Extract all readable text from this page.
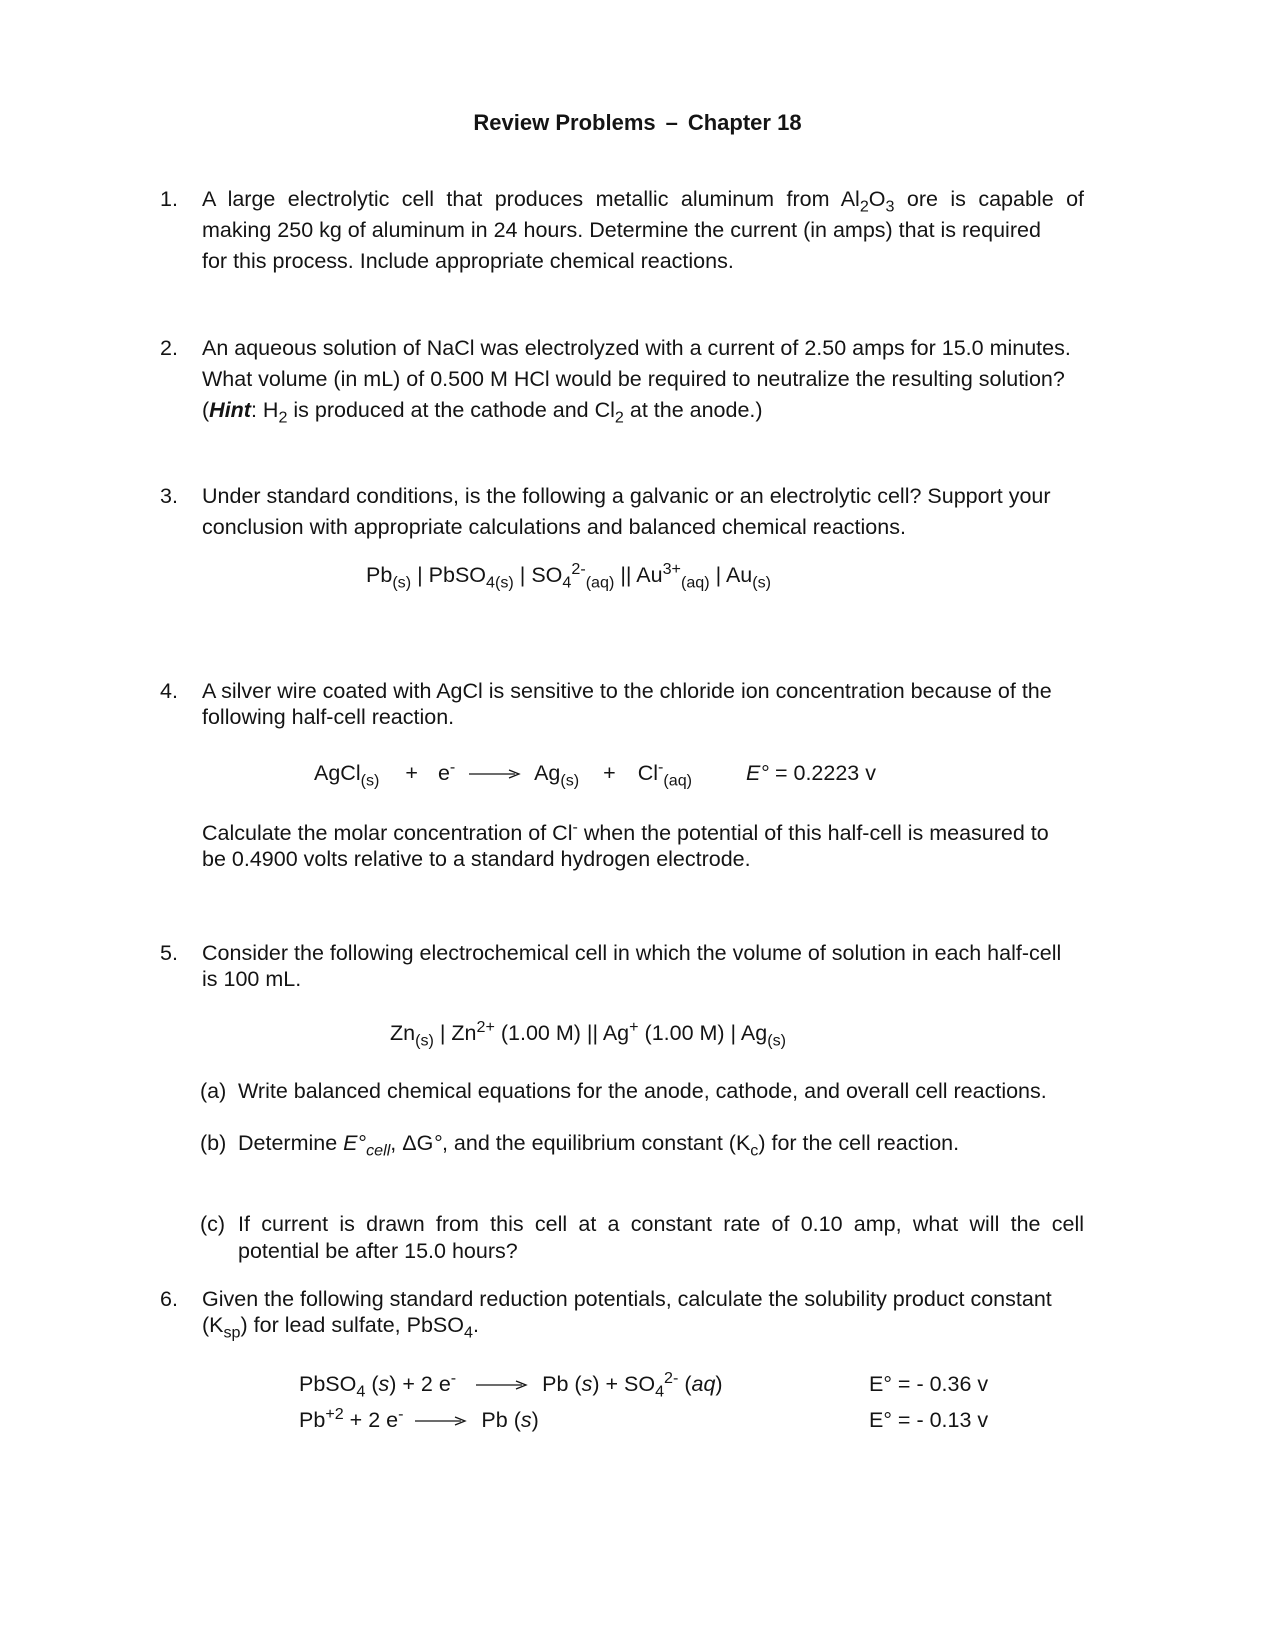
Review Problems – Chapter 18
1. A large electrolytic cell that produces metallic aluminum from $Al_2O_3$ ore is capable of
making 250 kg of aluminum in 24 hours. Determine the current (in amps) that is required
for this process. Include appropriate chemical reactions.
2. An aqueous solution of NaCl was electrolyzed with a current of 2.50 amps for 15.0 minutes.
What volume (in mL) of 0.500 M HCl would be required to neutralize the resulting solution?
(Hint: $H_2$ is produced at the cathode and $Cl_2$ at the anode.)
3. Under standard conditions, is the following a galvanic or an electrolytic cell? Support your
conclusion with appropriate calculations and balanced chemical reactions.
$Pb_{(s)}$ | PbSO$_{4(s)}$ | $SO_4^{2-}_{(aq)}$ || $Au^{3+}_{(aq)}$ | $Au_{(s)}$
4. A silver wire coated with AgCl is sensitive to the chloride ion concentration because of the
following half-cell reaction.
AgCl$_{(s)}$ + $e^- \to Ag_{(s)} + Cl^-_{(aq)}$	E° = 0.2223 v
Calculate the molar concentration of Cl- when the potential of this half-cell is measured to
be 0.4900 volts relative to a standard hydrogen electrode.
5. Consider the following electrochemical cell in which the volume of solution in each half-cell
is 100 mL.
$Zn_{(s)}$ | $Zn^{2+}$ (1.00 M) || Ag+ (1.00 M) | $Ag_{(s)}$
(a) Write balanced chemical equations for the anode, cathode, and overall cell reactions.
(b) Determine $E^\circ_{cell}$, ΔG°, and the equilibrium constant $(K_c)$ for the cell reaction.
(c) If current is drawn from this cell at a constant rate of 0.10 amp, what will the cell
potential be after 15.0 hours?
6. Given the following standard reduction potentials, calculate the solubility product constant
$(K_{sp})$ for lead sulfate, PbSO$_4$.
PbSO$_4$ (s) + 2 e- → Pb $(s) + SO_4^{2-}$ (aq)	E° = - 0.36 v
$Pb^{+2} + 2$ e- → Pb (s)	E° = - 0.13 v
